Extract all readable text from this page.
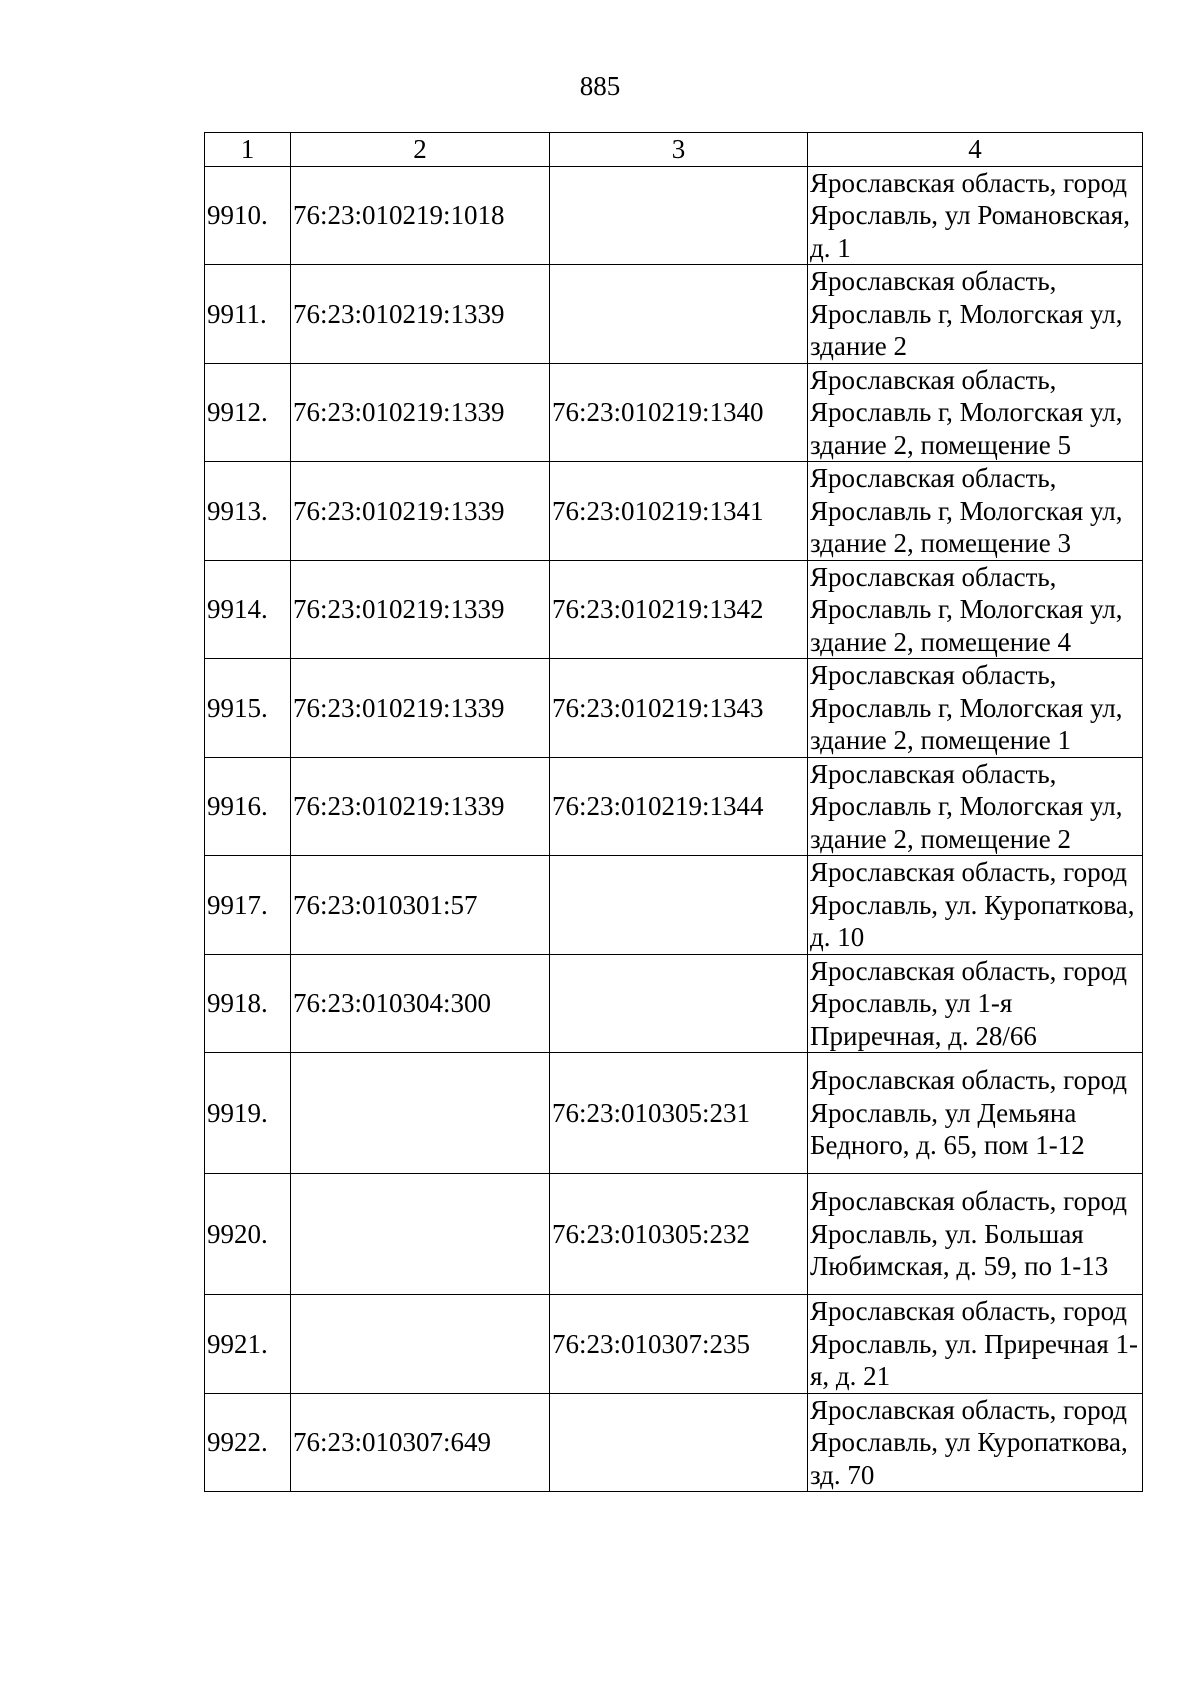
885
1	2	3	4
9910.	76:23:010219:1018		Ярославская область, город Ярославль, ул Романовская, д. 1
9911.	76:23:010219:1339		Ярославская область, Ярославль г, Мологская ул, здание 2
9912.	76:23:010219:1339	76:23:010219:1340	Ярославская область, Ярославль г, Мологская ул, здание 2, помещение 5
9913.	76:23:010219:1339	76:23:010219:1341	Ярославская область, Ярославль г, Мологская ул, здание 2, помещение 3
9914.	76:23:010219:1339	76:23:010219:1342	Ярославская область, Ярославль г, Мологская ул, здание 2, помещение 4
9915.	76:23:010219:1339	76:23:010219:1343	Ярославская область, Ярославль г, Мологская ул, здание 2, помещение 1
9916.	76:23:010219:1339	76:23:010219:1344	Ярославская область, Ярославль г, Мологская ул, здание 2, помещение 2
9917.	76:23:010301:57		Ярославская область, город Ярославль, ул. Куропаткова, д. 10
9918.	76:23:010304:300		Ярославская область, город Ярославль, ул 1-я Приречная, д. 28/66
9919.		76:23:010305:231	Ярославская область, город Ярославль, ул Демьяна Бедного, д. 65, пом 1-12
9920.		76:23:010305:232	Ярославская область, город Ярославль, ул. Большая Любимская, д. 59, по 1-13
9921.		76:23:010307:235	Ярославская область, город Ярославль, ул. Приречная 1-я, д. 21
9922.	76:23:010307:649		Ярославская область, город Ярославль, ул Куропаткова, зд. 70
